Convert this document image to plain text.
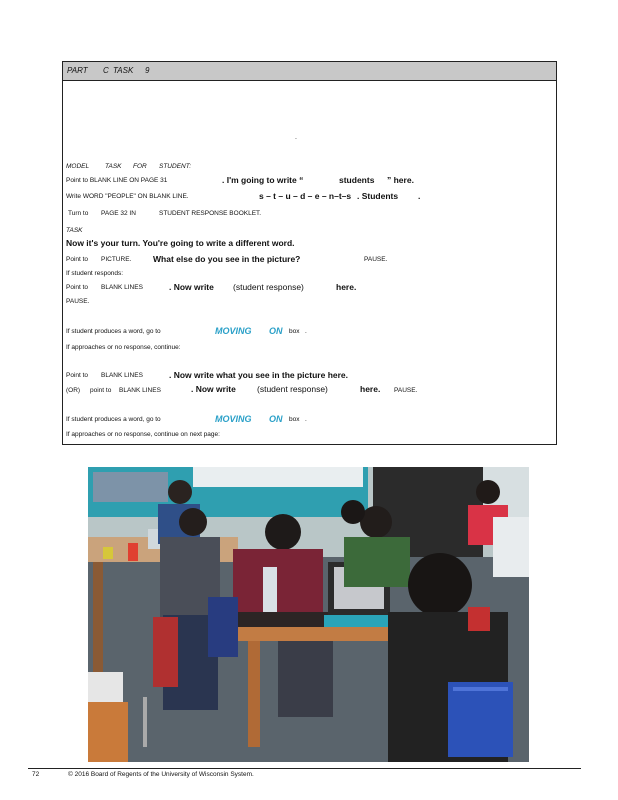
PART C TASK 9
.
MODEL TASK FOR STUDENT:
Point to BLANK LINE ON PAGE 31	. I'm going to write “	students ” here.
Write WORD "PEOPLE" ON BLANK LINE.	s – t – u – d – e – n–t–s . Students .
Turn to PAGE 32 IN	STUDENT RESPONSE BOOKLET.
TASK
Now it's your turn. You're going to write a different word.
Point to PICTURE.	What else do you see in the picture?	PAUSE.
If student responds:
Point to BLANK LINES	. Now write (student response)	here.
PAUSE.
If student produces a word, go to	MOVING ON box .
If approaches or no response, continue:
Point to BLANK LINES	. Now write what you see in the picture here.
(OR) point to BLANK LINES	. Now write (student response)	here. PAUSE.
If student produces a word, go to	MOVING ON box .
If approaches or no response, continue on next page:
72	© 2016 Board of Regents of the University of Wisconsin System.
